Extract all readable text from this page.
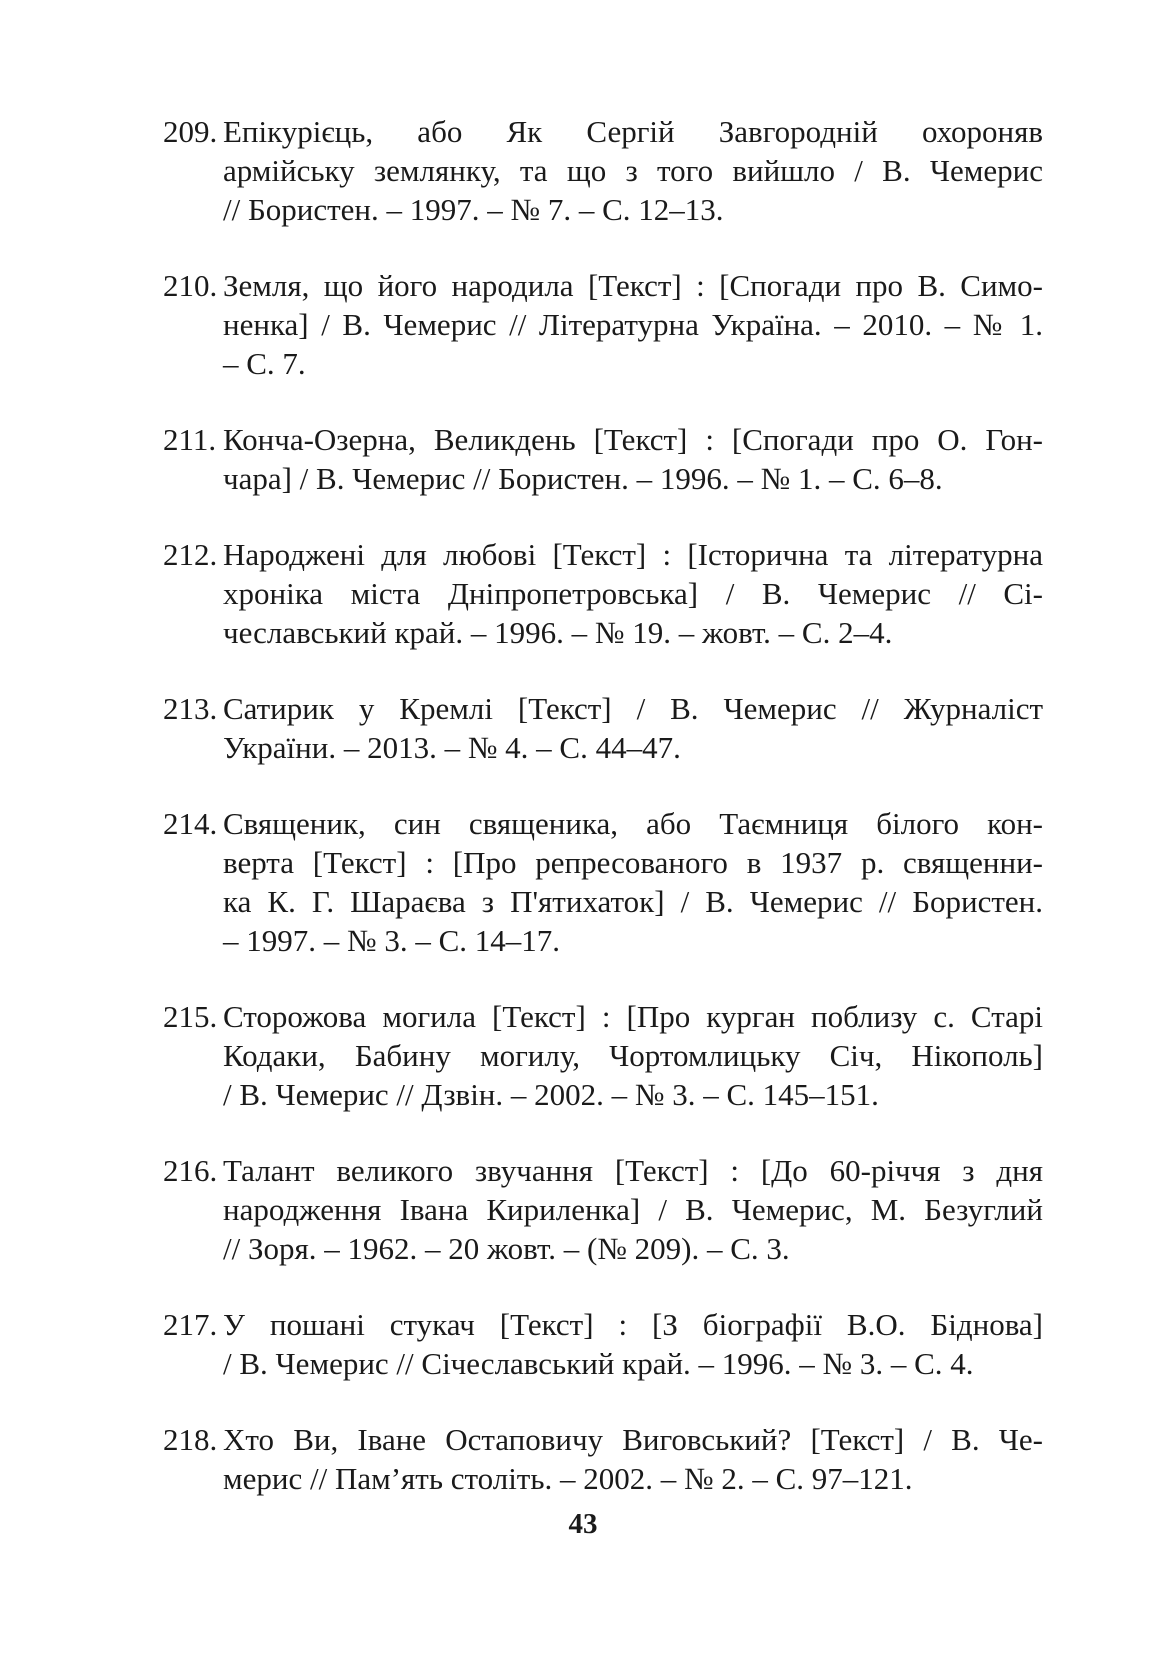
209. Епікурієць, або Як Сергій Завгородній охороняв
армійську землянку, та що з того вийшло / В. Чемерис
// Бористен. – 1997. – № 7. – С. 12–13.
210. Земля, що його народила [Текст] : [Спогади про В. Симо-
ненка] / В. Чемерис // Літературна Україна. – 2010. – № 1.
– С. 7.
211. Конча-Озерна, Великдень [Текст] : [Спогади про О. Гон-
чара] / В. Чемерис // Бористен. – 1996. – № 1. – С. 6–8.
212. Народжені для любові [Текст] : [Історична та літературна
хроніка міста Дніпропетровська] / В. Чемерис // Сі-
чеславський край. – 1996. – № 19. – жовт. – С. 2–4.
213. Сатирик у Кремлі [Текст] / В. Чемерис // Журналіст
України. – 2013. – № 4. – С. 44–47.
214. Священик, син священика, або Таємниця білого кон-
верта [Текст] : [Про репресованого в 1937 р. священни-
ка К. Г. Шараєва з П'ятихаток] / В. Чемерис // Бористен.
– 1997. – № 3. – С. 14–17.
215. Сторожова могила [Текст] : [Про курган поблизу с. Старі
Кодаки, Бабину могилу, Чортомлицьку Січ, Нікополь]
/ В. Чемерис // Дзвін. – 2002. – № 3. – С. 145–151.
216. Талант великого звучання [Текст] : [До 60-річчя з дня
народження Івана Кириленка] / В. Чемерис, М. Безуглий
// Зоря. – 1962. – 20 жовт. – (№ 209). – С. 3.
217. У пошані стукач [Текст] : [З біографії В.О. Біднова]
/ В. Чемерис // Січеславський край. – 1996. – № 3. – С. 4.
218. Хто Ви, Іване Остаповичу Виговський? [Текст] / В. Че-
мерис // Пам’ять століть. – 2002. – № 2. – С. 97–121.
43
